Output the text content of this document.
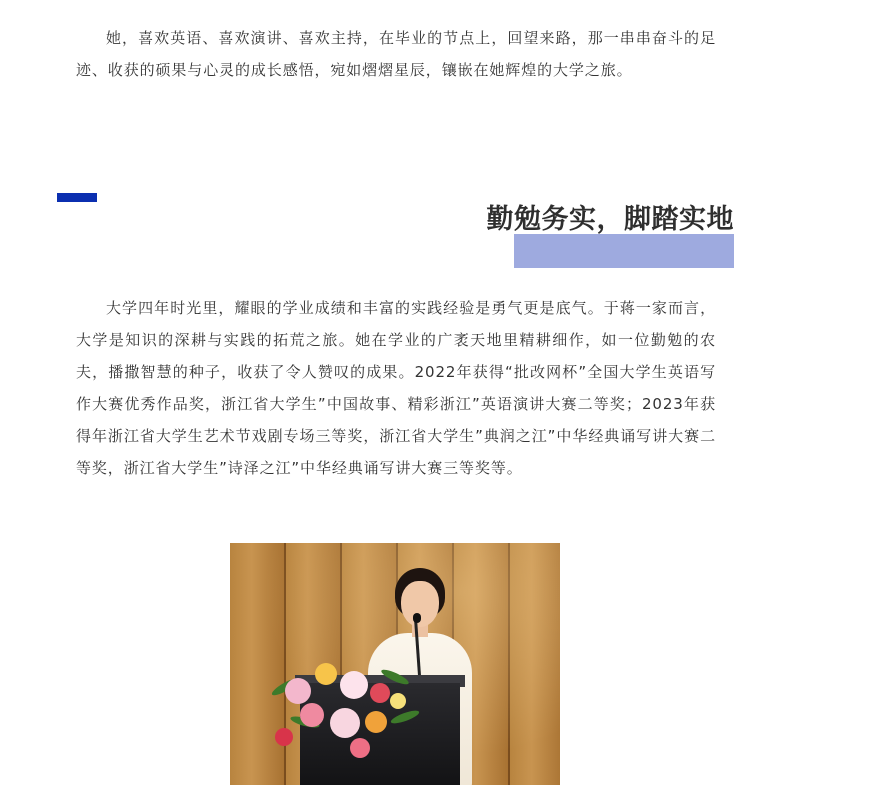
她，喜欢英语、喜欢演讲、喜欢主持，在毕业的节点上，回望来路，那一串串奋斗的足迹、收获的硕果与心灵的成长感悟，宛如熠熠星辰，镶嵌在她辉煌的大学之旅。

勤勉务实，脚踏实地

大学四年时光里，耀眼的学业成绩和丰富的实践经验是勇气更是底气。于蒋一家而言，大学是知识的深耕与实践的拓荒之旅。她在学业的广袤天地里精耕细作，如一位勤勉的农夫，播撒智慧的种子，收获了令人赞叹的成果。2022年获得“批改网杯”全国大学生英语写作大赛优秀作品奖，浙江省大学生”中国故事、精彩浙江”英语演讲大赛二等奖；2023年获得年浙江省大学生艺术节戏剧专场三等奖，浙江省大学生”典润之江”中华经典诵写讲大赛二等奖，浙江省大学生”诗泽之江”中华经典诵写讲大赛三等奖等。
